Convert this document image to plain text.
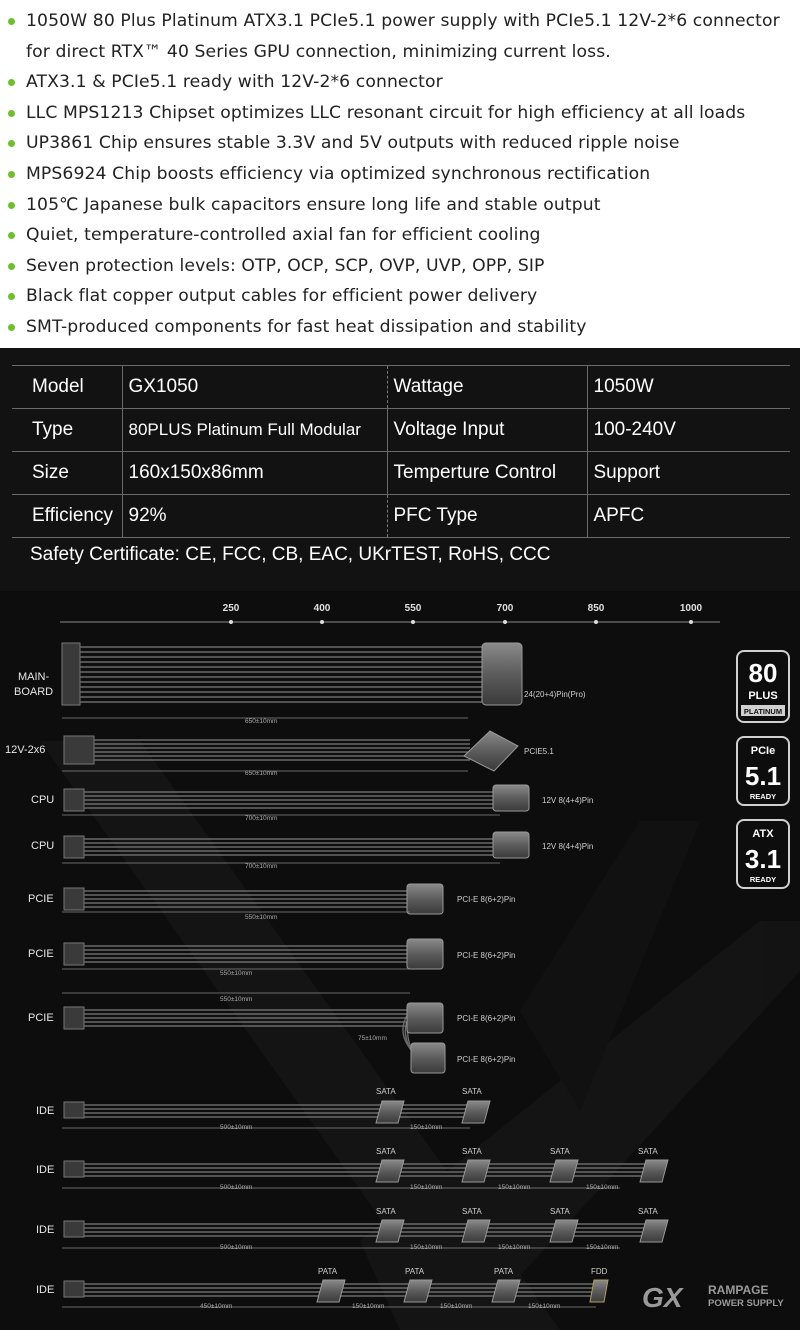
1050W 80 Plus Platinum ATX3.1 PCIe5.1 power supply with PCIe5.1 12V-2*6 connector for direct RTX™ 40 Series GPU connection, minimizing current loss.
ATX3.1 & PCIe5.1 ready with 12V-2*6 connector
LLC MPS1213 Chipset optimizes LLC resonant circuit for high efficiency at all loads
UP3861 Chip ensures stable 3.3V and 5V outputs with reduced ripple noise
MPS6924 Chip boosts efficiency via optimized synchronous rectification
105℃ Japanese bulk capacitors ensure long life and stable output
Quiet, temperature-controlled axial fan for efficient cooling
Seven protection levels: OTP, OCP, SCP, OVP, UVP, OPP, SIP
Black flat copper output cables for efficient power delivery
SMT-produced components for fast heat dissipation and stability
Model	GX1050	Wattage	1050W
Type	80PLUS Platinum Full Modular	Voltage Input	100-240V
Size	160x150x86mm	Temperture Control	Support
Efficiency	92%	PFC Type	APFC
Safety Certificate: CE, FCC, CB, EAC, UKrTEST, RoHS, CCC
250	400	550	700	850	1000
MAIN-
BOARD	24(20+4)Pin(Pro)
650±10mm
12V-2x6	PCIE5.1
650±10mm
CPU	12V 8(4+4)Pin
700±10mm
CPU	12V 8(4+4)Pin
700±10mm
PCIE	PCI-E 8(6+2)Pin
550±10mm
PCIE	PCI-E 8(6+2)Pin
550±10mm
550±10mm
PCIE
75±10mm
PCI-E 8(6+2)Pin
PCI-E 8(6+2)Pin
IDE
SATA	SATA
500±10mm	150±10mm
IDE
SATA	SATA	SATA	SATA
500±10mm	150±10mm	150±10mm	150±10mm
IDE
SATA	SATA	SATA	SATA
500±10mm	150±10mm	150±10mm	150±10mm
IDE
PATA	PATA	PATA	FDD
450±10mm	150±10mm	150±10mm	150±10mm
80
PLUS
PLATINUM
PCIe
5.1
READY
ATX
3.1
READY
GX RAMPAGE
POWER SUPPLY
